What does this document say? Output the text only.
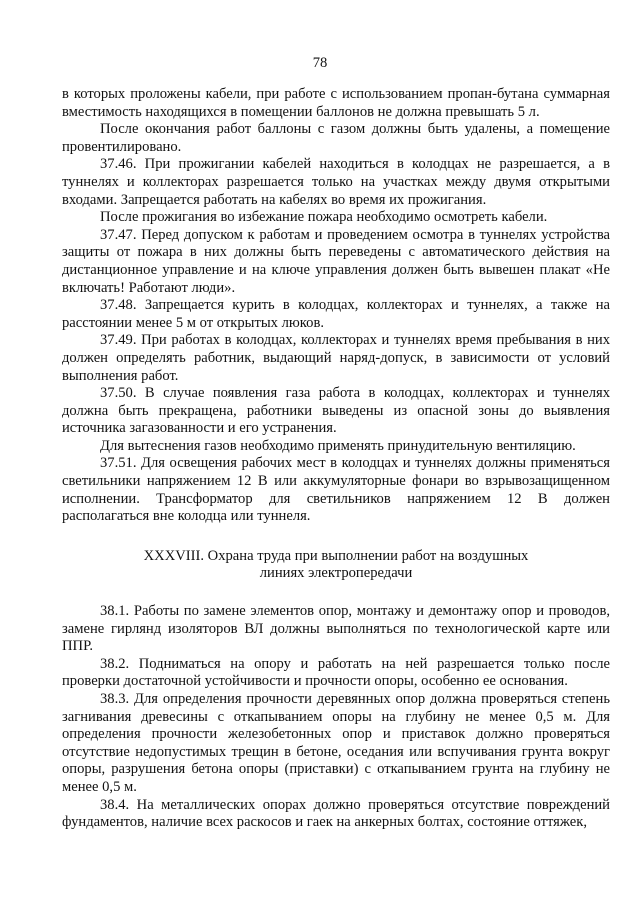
78

в которых проложены кабели, при работе с использованием пропан-бутана суммарная вместимость находящихся в помещении баллонов не должна превышать 5 л.

После окончания работ баллоны с газом должны быть удалены, а помещение провентилировано.

37.46. При прожигании кабелей находиться в колодцах не разрешается, а в туннелях и коллекторах разрешается только на участках между двумя открытыми входами. Запрещается работать на кабелях во время их прожигания.

После прожигания во избежание пожара необходимо осмотреть кабели.

37.47. Перед допуском к работам и проведением осмотра в туннелях устройства защиты от пожара в них должны быть переведены с автоматического действия на дистанционное управление и на ключе управления должен быть вывешен плакат «Не включать! Работают люди».

37.48. Запрещается курить в колодцах, коллекторах и туннелях, а также на расстоянии менее 5 м от открытых люков.

37.49. При работах в колодцах, коллекторах и туннелях время пребывания в них должен определять работник, выдающий наряд-допуск, в зависимости от условий выполнения работ.

37.50. В случае появления газа работа в колодцах, коллекторах и туннелях должна быть прекращена, работники выведены из опасной зоны до выявления источника загазованности и его устранения.

Для вытеснения газов необходимо применять принудительную вентиляцию.

37.51. Для освещения рабочих мест в колодцах и туннелях должны применяться светильники напряжением 12 В или аккумуляторные фонари во взрывозащищенном исполнении. Трансформатор для светильников напряжением 12 В должен располагаться вне колодца или туннеля.

XXXVIII. Охрана труда при выполнении работ на воздушных
линиях электропередачи

38.1. Работы по замене элементов опор, монтажу и демонтажу опор и проводов, замене гирлянд изоляторов ВЛ должны выполняться по технологической карте или ППР.

38.2. Подниматься на опору и работать на ней разрешается только после проверки достаточной устойчивости и прочности опоры, особенно ее основания.

38.3. Для определения прочности деревянных опор должна проверяться степень загнивания древесины с откапыванием опоры на глубину не менее 0,5 м. Для определения прочности железобетонных опор и приставок должно проверяться отсутствие недопустимых трещин в бетоне, оседания или вспучивания грунта вокруг опоры, разрушения бетона опоры (приставки) с откапыванием грунта на глубину не менее 0,5 м.

38.4. На металлических опорах должно проверяться отсутствие повреждений фундаментов, наличие всех раскосов и гаек на анкерных болтах, состояние оттяжек,
